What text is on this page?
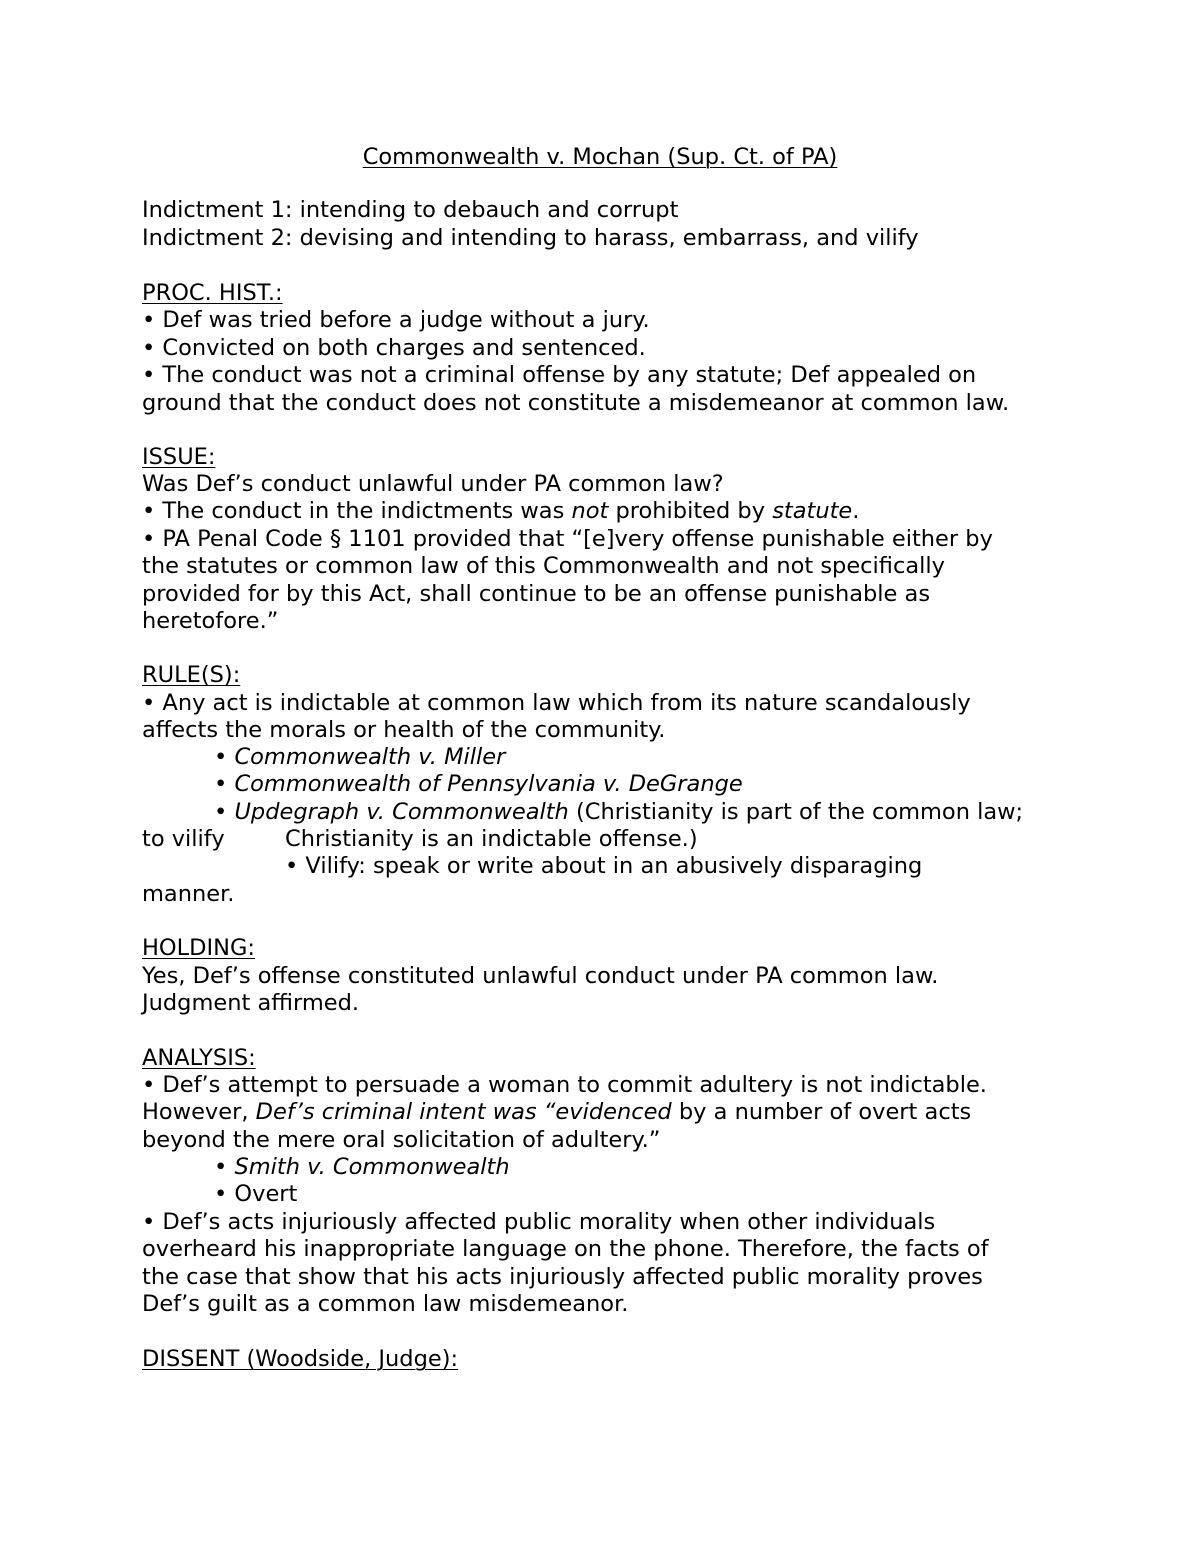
Commonwealth v. Mochan (Sup. Ct. of PA)
Indictment 1: intending to debauch and corrupt
Indictment 2: devising and intending to harass, embarrass, and vilify
PROC. HIST.:
• Def was tried before a judge without a jury.
• Convicted on both charges and sentenced.
• The conduct was not a criminal offense by any statute; Def appealed on
ground that the conduct does not constitute a misdemeanor at common law.
ISSUE:
Was Def’s conduct unlawful under PA common law?
• The conduct in the indictments was not prohibited by statute.
• PA Penal Code § 1101 provided that “[e]very offense punishable either by
the statutes or common law of this Commonwealth and not specifically
provided for by this Act, shall continue to be an offense punishable as
heretofore.”
RULE(S):
• Any act is indictable at common law which from its nature scandalously
affects the morals or health of the community.
• Commonwealth v. Miller
• Commonwealth of Pennsylvania v. DeGrange
• Updegraph v. Commonwealth (Christianity is part of the common law;
to vilify	Christianity is an indictable offense.)
• Vilify: speak or write about in an abusively disparaging
manner.
HOLDING:
Yes, Def’s offense constituted unlawful conduct under PA common law.
Judgment affirmed.
ANALYSIS:
• Def’s attempt to persuade a woman to commit adultery is not indictable.
However, Def’s criminal intent was “evidenced by a number of overt acts
beyond the mere oral solicitation of adultery.”
• Smith v. Commonwealth
• Overt
• Def’s acts injuriously affected public morality when other individuals
overheard his inappropriate language on the phone. Therefore, the facts of
the case that show that his acts injuriously affected public morality proves
Def’s guilt as a common law misdemeanor.
DISSENT (Woodside, Judge):
